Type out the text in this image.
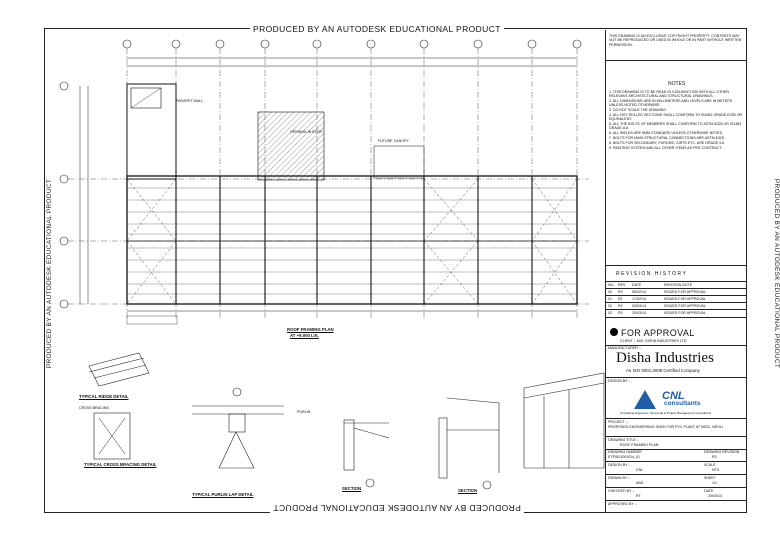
PARAPET WALL
OPENING IN ROOF
FUTURE CANOPY
ROOF FRAMING PLAN
AT +9.000 LVL
TYPICAL RIDGE DETAIL
CROSS BRACING
TYPICAL CROSS BRACING DETAIL
TYPICAL PURLIN LAP DETAIL
PURLIN
SECTION	SECTION
PRODUCED BY AN AUTODESK EDUCATIONAL PRODUCT
PRODUCED BY AN AUTODESK EDUCATIONAL PRODUCT
PRODUCED BY AN AUTODESK EDUCATIONAL PRODUCT	PRODUCED BY AN AUTODESK EDUCATIONAL PRODUCT
THIS DRAWING IS AN EXCLUSIVE COPYRIGHT PROPERTY. CONTENTS MAY NOT BE REPRODUCED OR USED IN WHOLE OR IN PART WITHOUT WRITTEN PERMISSION.
NOTES
1. THIS DRAWING IS TO BE READ IN CONJUNCTION WITH ALL OTHER RELEVANT ARCHITECTURAL AND STRUCTURAL DRAWINGS.
2. ALL DIMENSIONS ARE IN MILLIMETERS AND LEVELS ARE IN METERS UNLESS NOTED OTHERWISE.
3. DO NOT SCALE THE DRAWING.
4. ALL HOT ROLLED SECTIONS SHALL CONFORM TO IS2062 GRADE-E250 OR EQUIVALENT.
5. ALL THE BOLTS OF MEMBERS SHALL CONFORM TO ASTM A325 OR IS1363 GRADE-8.8.
6. ALL WELDS ARE 6MM STANDARD UNLESS OTHERWISE NOTED.
7. BOLTS FOR MAIN STRUCTURAL CONNECTIONS ARE ASTM A325.
8. BOLTS FOR SECONDARY, PURLINS, GIRTS ETC. ARE GRADE 4.6.
9. PAINTING SYSTEM AND ALL OTHER ITEMS AS PER CONTRACT.
REVISION HISTORY
NO. REV DATE	REVISION NOTE
00 R0	06/02/14	ISSUED FOR APPROVAL
01 R1	17/02/14	ISSUED FOR APPROVAL
02 R2	03/03/14	ISSUED FOR APPROVAL
03 R3	20/03/14	ISSUED FOR APPROVAL
FOR APPROVAL
CLIENT :- M/S. DISHA INDUSTRIES LTD.
MANUFACTURER :-
Disha Industries
An ISO 9001:2008 Certified Company
DESIGN BY :-
CNL
consultants
Consulting Engineers, Structural & Project Management Consultants
PROJECT :-
PROPOSED ENGINEERING SHED FOR PVC PLANT AT MIDC, NEOLI
DRAWING TITLE :-
ROOF FRAMING PLAN
DRAWING NUMBER
ETP/IE/1001/D4_01
DRAWING REVISION
R3
DESIGN BY :-
CNL
SCALE
NTS
DRAWN BY :-
ABD
SHEET
1/1
CHECKED BY :-
RT
DATE
20/03/14
APPROVED BY :-
